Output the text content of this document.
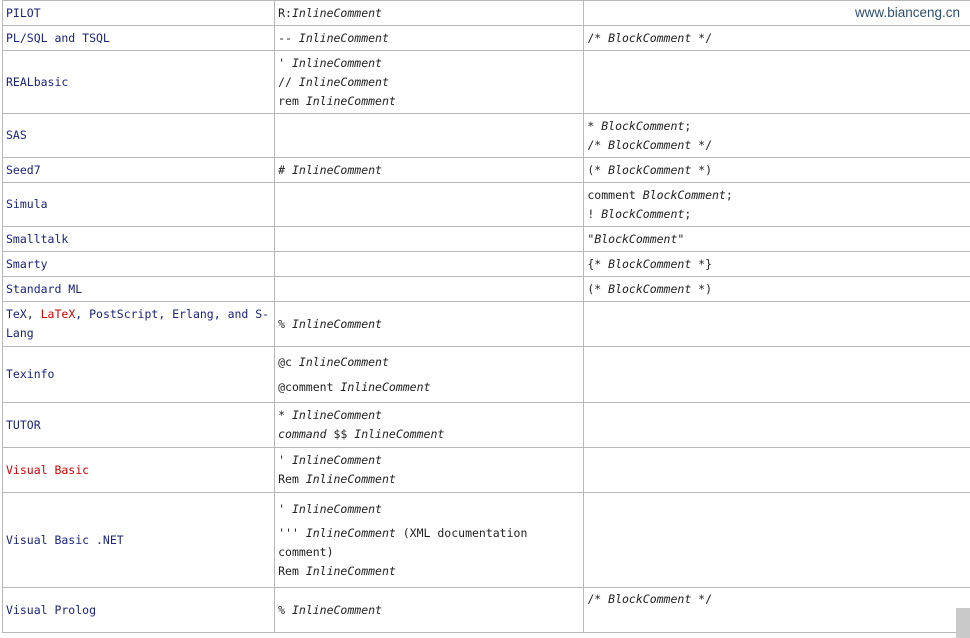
PILOT	R:InlineComment	

PL/SQL and TSQL	-- InlineComment	/* BlockComment */

REALbasic	' InlineComment
// InlineComment
rem InlineComment	

SAS		* BlockComment;
/* BlockComment */

Seed7	# InlineComment	(* BlockComment *)

Simula		comment BlockComment;
! BlockComment;

Smalltalk		"BlockComment"

Smarty		{* BlockComment *}

Standard ML		(* BlockComment *)

TeX, LaTeX, PostScript, Erlang, and S-Lang	% InlineComment	

Texinfo	@c InlineComment
@comment InlineComment	

TUTOR	* InlineComment
command $$ InlineComment	

Visual Basic	' InlineComment
Rem InlineComment	

Visual Basic .NET	' InlineComment
''' InlineComment (XML documentation comment)
Rem InlineComment	

Visual Prolog	% InlineComment	/* BlockComment */
www.bianceng.cn
